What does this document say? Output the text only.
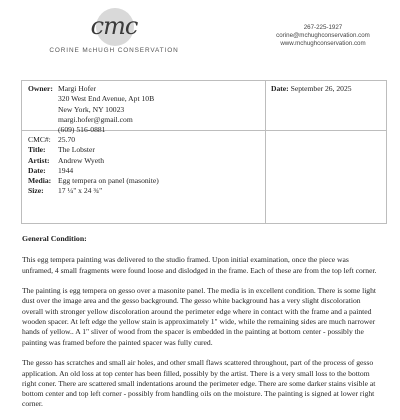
cmc
CORINE McHUGH CONSERVATION
267-225-1927
corine@mchughconservation.com
www.mchughconservation.com
Owner: Margi Hofer
320 West End Avenue, Apt 10B
New York, NY 10023
margi.hofer@gmail.com
(609) 516-0881
Date: September 26, 2025
CMC#: 25.70
Title:	The Lobster
Artist:	Andrew Wyeth
Date:	1944
Media: Egg tempera on panel (masonite)
Size:	17 ¼" x 24 ¾"
General Condition:

This egg tempera painting was delivered to the studio framed. Upon initial examination, once the piece was unframed, 4 small fragments were found loose and dislodged in the frame. Each of these are from the top left corner.

The painting is egg tempera on gesso over a masonite panel. The media is in excellent condition. There is some light dust over the image area and the gesso background. The gesso white background has a very slight discoloration overall with stronger yellow discoloration around the perimeter edge where in contact with the frame and a painted wooden spacer. At left edge the yellow stain is approximately 1" wide, while the remaining sides are much narrower hands of yellow.. A 1" sliver of wood from the spacer is embedded in the painting at bottom center - possibly the painting was framed before the painted spacer was fully cured.

The gesso has scratches and small air holes, and other small flaws scattered throughout, part of the process of gesso application. An old loss at top center has been filled, possibly by the artist. There is a very small loss to the bottom right coner. There are scattered small indentations around the perimeter edge. There are some darker stains visible at bottom center and top left corner - possibly from handling oils on the moisture. The painting is signed at lower right corner.
